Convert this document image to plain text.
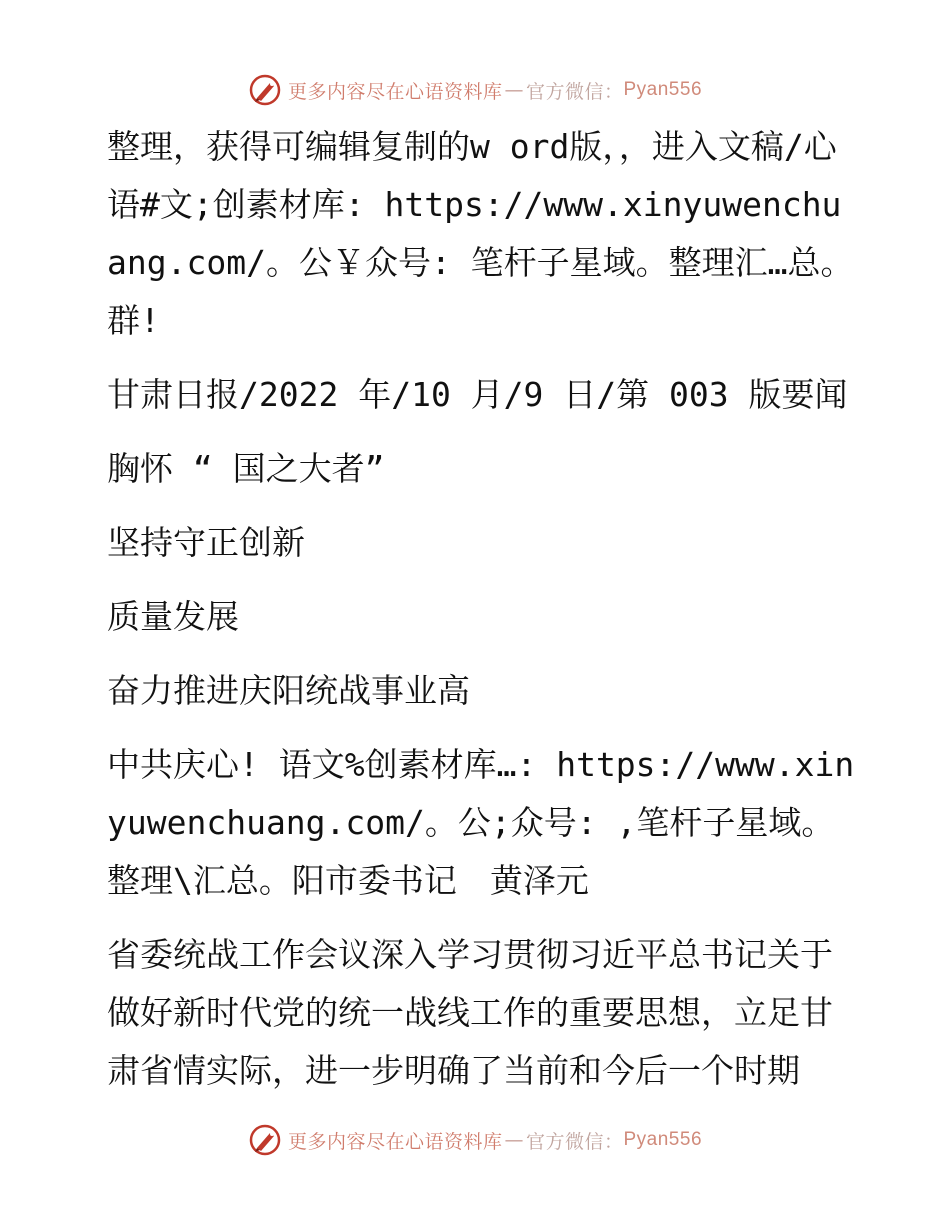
更多内容尽在心语资料库 — 官方微信： Pyan556

整理，获得可编辑复制的w ord版，，进入文稿/心语#文;创素材库: https://www.xinyuwenchuang.com/。公￥众号: 笔杆子星域。整理汇…总。群!

甘肃日报/2022 年/10 月/9 日/第 003 版要闻

胸怀 “ 国之大者”

坚持守正创新

质量发展

奋力推进庆阳统战事业高

中共庆心! 语文%创素材库…: https://www.xinyuwenchuang.com/。公;众号: ,笔杆子星域。整理\汇总。阳市委书记　黄泽元

省委统战工作会议深入学习贯彻习近平总书记关于做好新时代党的统一战线工作的重要思想，立足甘肃省情实际，进一步明确了当前和今后一个时期

更多内容尽在心语资料库 — 官方微信： Pyan556
